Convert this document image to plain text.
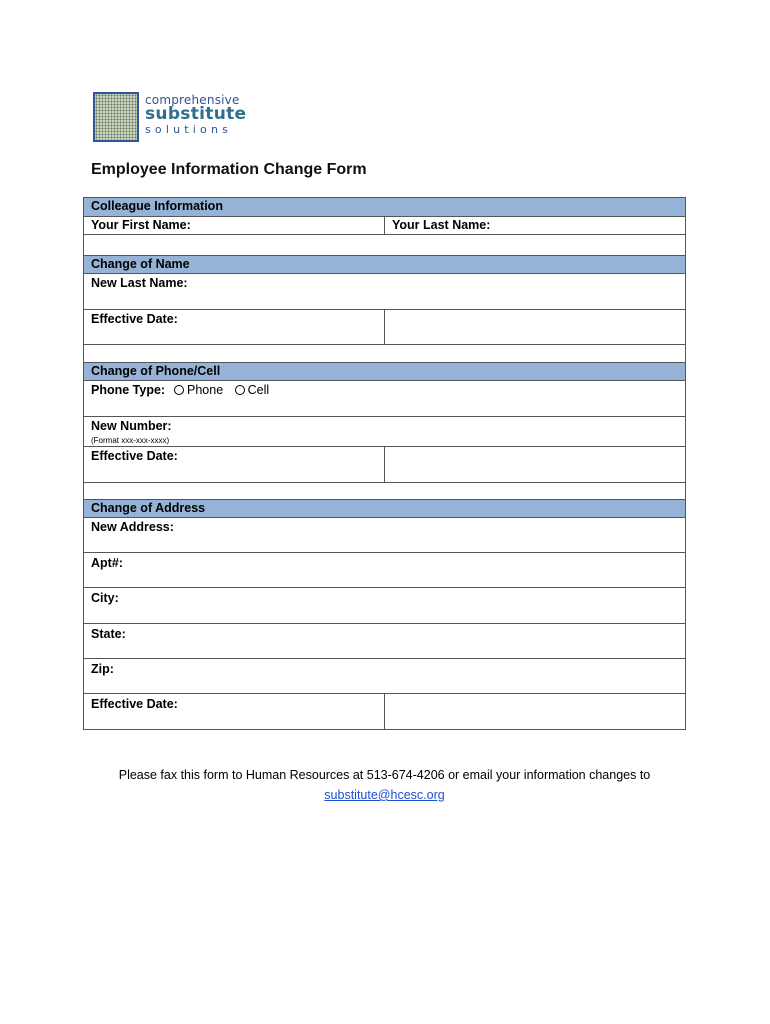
comprehensive
substitute
solutions
Employee Information Change Form
Colleague Information
Your First Name:	Your Last Name:
Change of Name
New Last Name:
Effective Date:
Change of Phone/Cell
Phone Type:	Phone Cell
New Number:
(Format xxx-xxx-xxxx)
Effective Date:
Change of Address
New Address:
Apt#:
City:
State:
Zip:
Effective Date:
Please fax this form to Human Resources at 513-674-4206 or email your information changes to
substitute@hcesc.org
